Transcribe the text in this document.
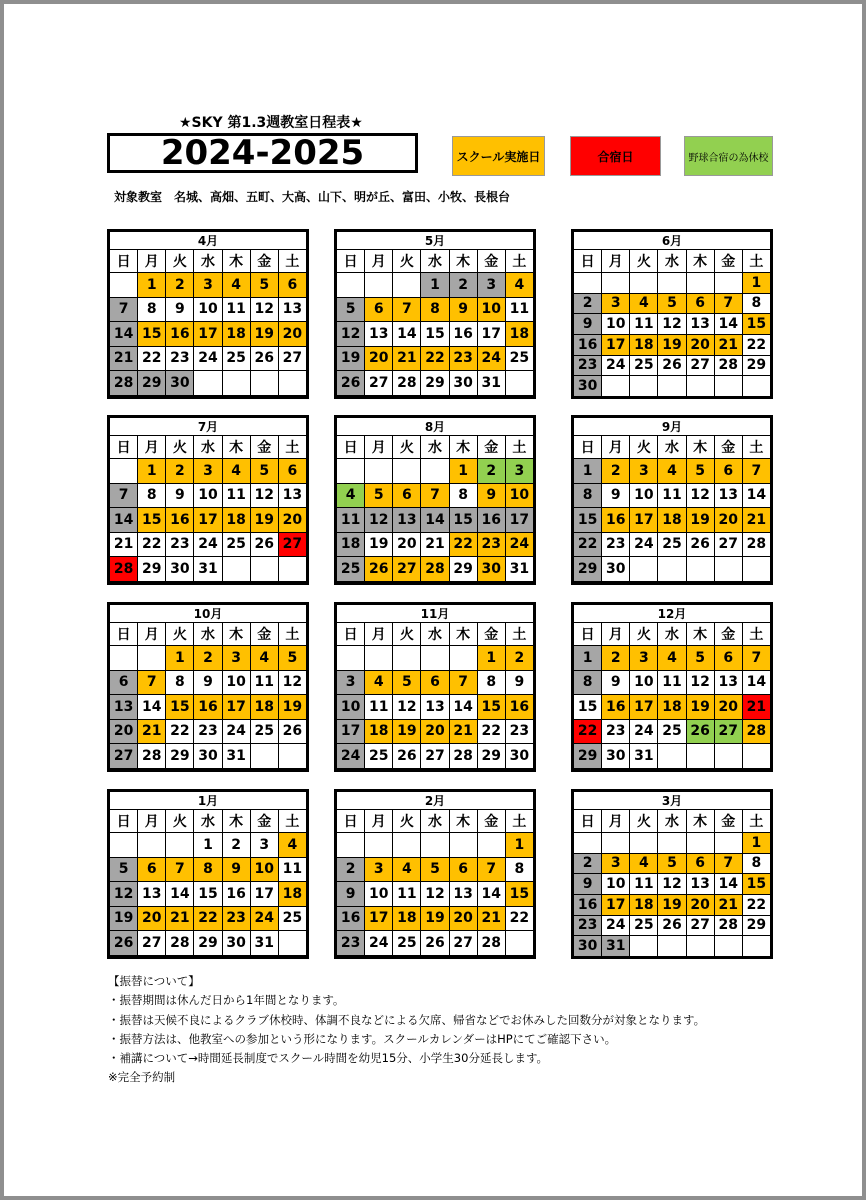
★SKY 第1.3週教室日程表★
2024-2025	スクール実施日	合宿日	野球合宿の為休校
対象教室　名城、高畑、五町、大高、山下、明が丘、富田、小牧、長根台
4月						
日	月	火	水	木	金	土
	1	2	3	4	5	6
7	8	9	10	11	12	13
14	15	16	17	18	19	20
21	22	23	24	25	26	27
28	29	30				

5月						
日	月	火	水	木	金	土
			1	2	3	4
5	6	7	8	9	10	11
12	13	14	15	16	17	18
19	20	21	22	23	24	25
26	27	28	29	30	31	

6月						
日	月	火	水	木	金	土
						1
2	3	4	5	6	7	8
9	10	11	12	13	14	15
16	17	18	19	20	21	22
23	24	25	26	27	28	29
30						
7月						
日	月	火	水	木	金	土
	1	2	3	4	5	6
7	8	9	10	11	12	13
14	15	16	17	18	19	20
21	22	23	24	25	26	27
28	29	30	31			

8月						
日	月	火	水	木	金	土
				1	2	3
4	5	6	7	8	9	10
11	12	13	14	15	16	17
18	19	20	21	22	23	24
25	26	27	28	29	30	31

9月						
日	月	火	水	木	金	土
1	2	3	4	5	6	7
8	9	10	11	12	13	14
15	16	17	18	19	20	21
22	23	24	25	26	27	28
29	30					

10月						
日	月	火	水	木	金	土
		1	2	3	4	5
6	7	8	9	10	11	12
13	14	15	16	17	18	19
20	21	22	23	24	25	26
27	28	29	30	31		

11月						
日	月	火	水	木	金	土
					1	2
3	4	5	6	7	8	9
10	11	12	13	14	15	16
17	18	19	20	21	22	23
24	25	26	27	28	29	30

12月						
日	月	火	水	木	金	土
1	2	3	4	5	6	7
8	9	10	11	12	13	14
15	16	17	18	19	20	21
22	23	24	25	26	27	28
29	30	31				

1月						
日	月	火	水	木	金	土
			1	2	3	4
5	6	7	8	9	10	11
12	13	14	15	16	17	18
19	20	21	22	23	24	25
26	27	28	29	30	31	

2月						
日	月	火	水	木	金	土
						1
2	3	4	5	6	7	8
9	10	11	12	13	14	15
16	17	18	19	20	21	22
23	24	25	26	27	28	

3月						
日	月	火	水	木	金	土
						1
2	3	4	5	6	7	8
9	10	11	12	13	14	15
16	17	18	19	20	21	22
23	24	25	26	27	28	29
30	31					
【振替について】
・振替期間は休んだ日から1年間となります。
・振替は天候不良によるクラブ休校時、体調不良などによる欠席、帰省などでお休みした回数分が対象となります。
・振替方法は、他教室への参加という形になります。スクールカレンダーはHPにてご確認下さい。
・補講について→時間延長制度でスクール時間を幼児15分、小学生30分延長します。
※完全予約制
